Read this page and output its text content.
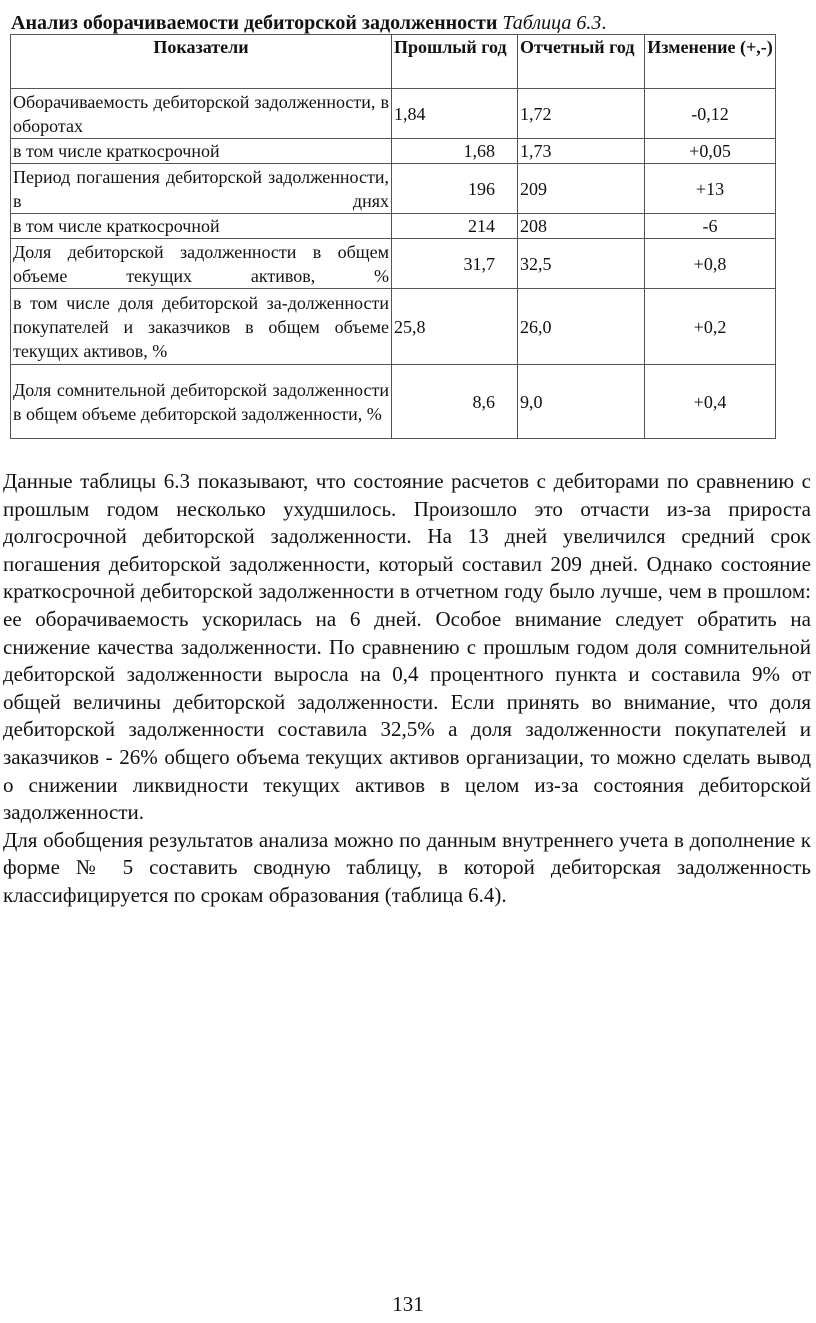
Анализ оборачиваемости дебиторской задолженности Таблица 6.3.
Показатели	Прошлый год	Отчетный год	Изменение (+,-)
Оборачиваемость дебиторской задолженности, в оборотах	1,84	1,72	-0,12
в том числе краткосрочной	1,68	1,73	+0,05
Период погашения дебиторской задолженности, в днях	196	209	+13
в том числе краткосрочной	214	208	-6
Доля дебиторской задолженности в общем объеме текущих активов, %	31,7	32,5	+0,8
в том числе доля дебиторской за-долженности покупателей и заказчиков в общем объеме текущих активов, %	25,8	26,0	+0,2
Доля сомнительной дебиторской задолженности в общем объеме дебиторской задолженности, %	8,6	9,0	+0,4

Данные таблицы 6.3 показывают, что состояние расчетов с дебиторами по сравнению с прошлым годом несколько ухудшилось. Произошло это отчасти из-за прироста долгосрочной дебиторской задолженности. На 13 дней увеличился средний срок погашения дебиторской задолженности, который составил 209 дней. Однако состояние краткосрочной дебиторской задолженности в отчетном году было лучше, чем в прошлом: ее оборачиваемость ускорилась на 6 дней. Особое внимание следует обратить на снижение качества задолженности. По сравнению с прошлым годом доля сомнительной дебиторской задолженности выросла на 0,4 процентного пункта и составила 9% от общей величины дебиторской задолженности. Если принять во внимание, что доля дебиторской задолженности составила 32,5% а доля задолженности покупателей и заказчиков - 26% общего объема текущих активов организации, то можно сделать вывод о снижении ликвидности текущих активов в целом из-за состояния дебиторской задолженности.

Для обобщения результатов анализа можно по данным внутреннего учета в дополнение к форме № 5 составить сводную таблицу, в которой дебиторская задолженность классифицируется по срокам образования (таблица 6.4).

131
